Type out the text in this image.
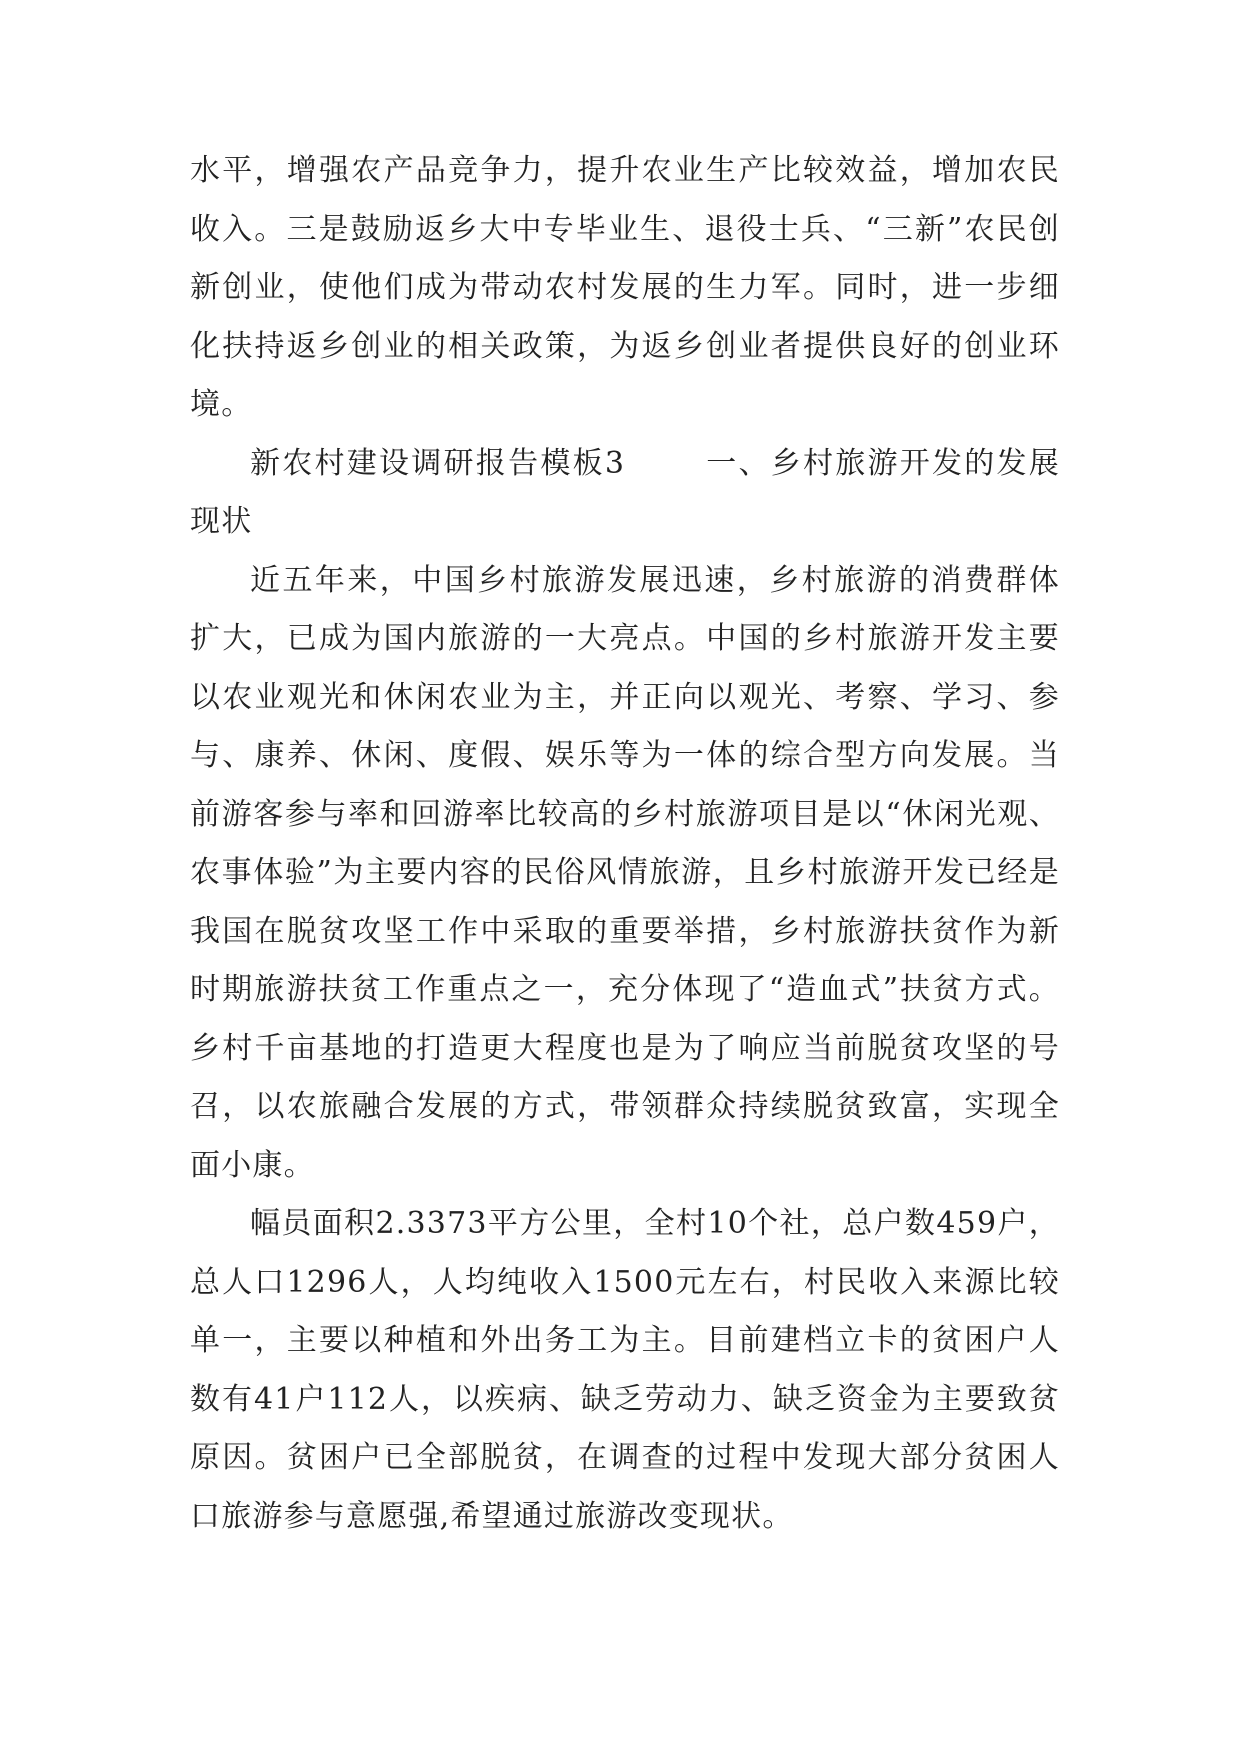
水平，增强农产品竞争力，提升农业生产比较效益，增加农民收入。三是鼓励返乡大中专毕业生、退役士兵、“三新”农民创新创业，使他们成为带动农村发展的生力军。同时，进一步细化扶持返乡创业的相关政策，为返乡创业者提供良好的创业环境。

新农村建设调研报告模板3	一、乡村旅游开发的发展现状

近五年来，中国乡村旅游发展迅速，乡村旅游的消费群体扩大，已成为国内旅游的一大亮点。中国的乡村旅游开发主要以农业观光和休闲农业为主，并正向以观光、考察、学习、参与、康养、休闲、度假、娱乐等为一体的综合型方向发展。当前游客参与率和回游率比较高的乡村旅游项目是以“休闲光观、农事体验”为主要内容的民俗风情旅游，且乡村旅游开发已经是我国在脱贫攻坚工作中采取的重要举措，乡村旅游扶贫作为新时期旅游扶贫工作重点之一，充分体现了“造血式”扶贫方式。乡村千亩基地的打造更大程度也是为了响应当前脱贫攻坚的号召，以农旅融合发展的方式，带领群众持续脱贫致富，实现全面小康。

幅员面积2.3373平方公里，全村10个社，总户数459户，总人口1296人，人均纯收入1500元左右，村民收入来源比较单一，主要以种植和外出务工为主。目前建档立卡的贫困户人数有41户112人，以疾病、缺乏劳动力、缺乏资金为主要致贫原因。贫困户已全部脱贫，在调查的过程中发现大部分贫困人口旅游参与意愿强,希望通过旅游改变现状。
